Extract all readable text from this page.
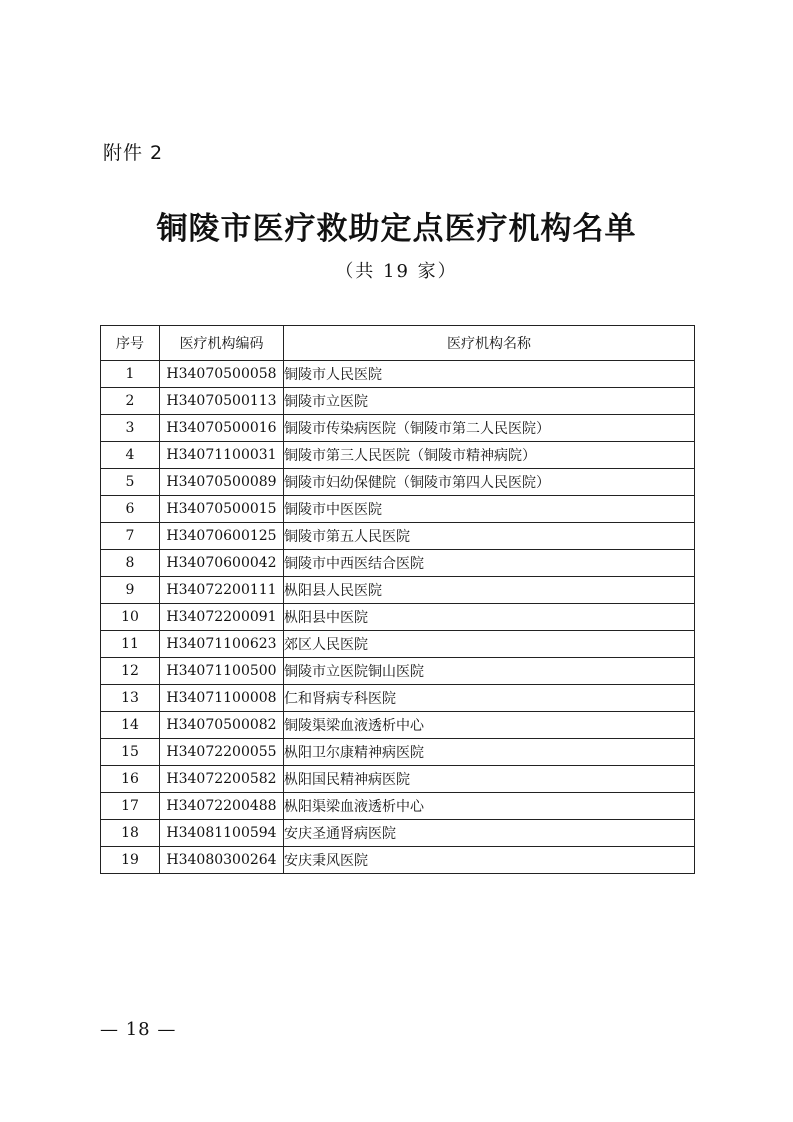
附件 2
铜陵市医疗救助定点医疗机构名单
（共 19 家）
序号	医疗机构编码	医疗机构名称
1	H34070500058	铜陵市人民医院
2	H34070500113	铜陵市立医院
3	H34070500016	铜陵市传染病医院（铜陵市第二人民医院）
4	H34071100031	铜陵市第三人民医院（铜陵市精神病院）
5	H34070500089	铜陵市妇幼保健院（铜陵市第四人民医院）
6	H34070500015	铜陵市中医医院
7	H34070600125	铜陵市第五人民医院
8	H34070600042	铜陵市中西医结合医院
9	H34072200111	枞阳县人民医院
10	H34072200091	枞阳县中医院
11	H34071100623	郊区人民医院
12	H34071100500	铜陵市立医院铜山医院
13	H34071100008	仁和肾病专科医院
14	H34070500082	铜陵渠梁血液透析中心
15	H34072200055	枞阳卫尔康精神病医院
16	H34072200582	枞阳国民精神病医院
17	H34072200488	枞阳渠梁血液透析中心
18	H34081100594	安庆圣通肾病医院
19	H34080300264	安庆秉风医院
— 18 —
